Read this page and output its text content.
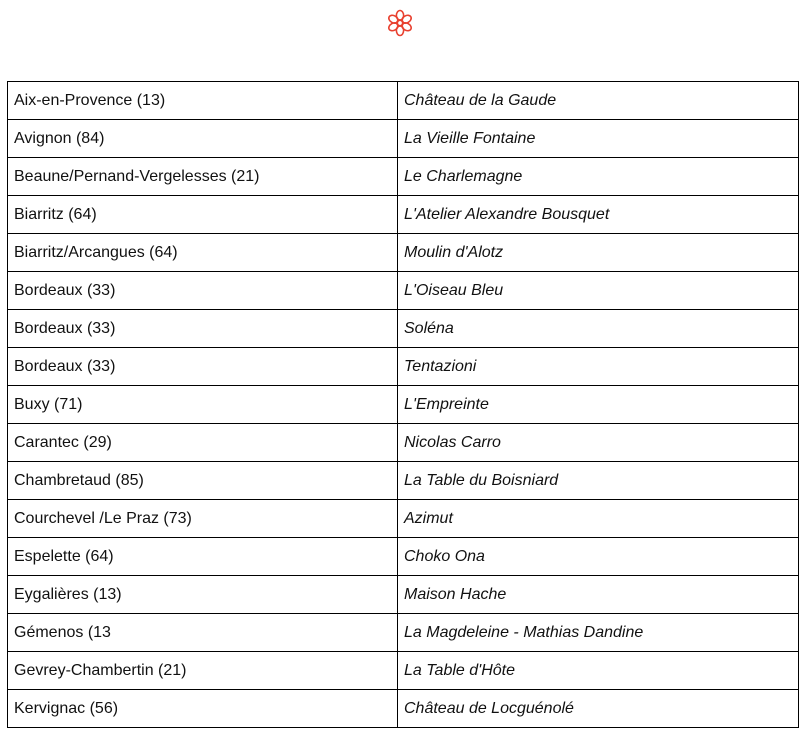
Aix-en-Provence (13)	Château de la Gaude
Avignon (84)	La Vieille Fontaine
Beaune/Pernand-Vergelesses (21)	Le Charlemagne
Biarritz (64)	L'Atelier Alexandre Bousquet
Biarritz/Arcangues (64)	Moulin d'Alotz
Bordeaux (33)	L'Oiseau Bleu
Bordeaux (33)	Soléna
Bordeaux (33)	Tentazioni
Buxy (71)	L'Empreinte
Carantec (29)	Nicolas Carro
Chambretaud (85)	La Table du Boisniard
Courchevel /Le Praz (73)	Azimut
Espelette (64)	Choko Ona
Eygalières (13)	Maison Hache
Gémenos (13	La Magdeleine - Mathias Dandine
Gevrey-Chambertin (21)	La Table d'Hôte
Kervignac (56)	Château de Locguénolé
